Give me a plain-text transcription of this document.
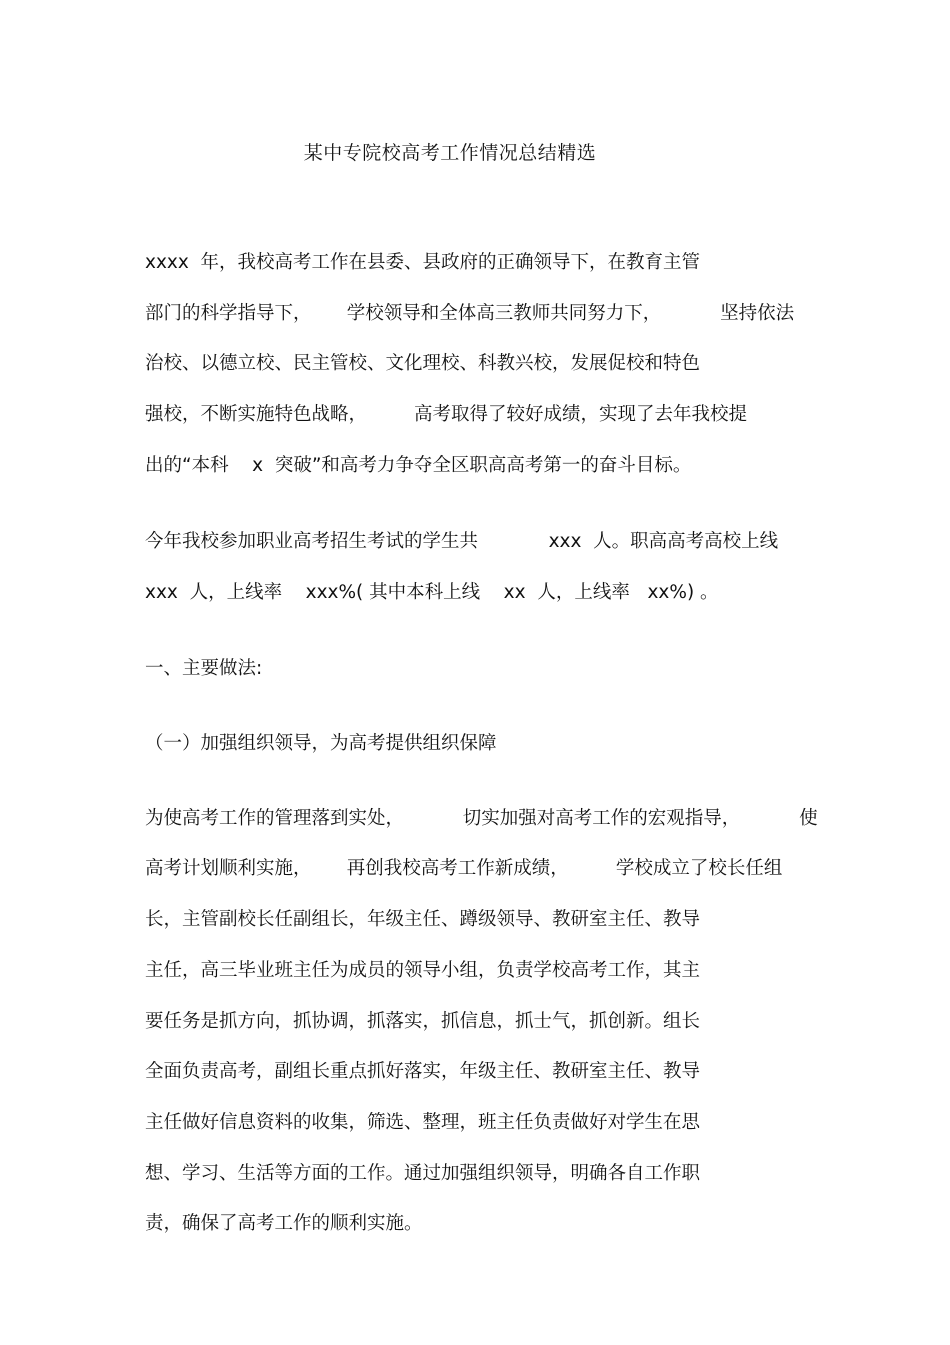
某中专院校高考工作情况总结精选
xxxx  年，我校高考工作在县委、县政府的正确领导下，在教育主管
部门的科学指导下，      学校领导和全体高三教师共同努力下，          坚持依法
治校、以德立校、民主管校、文化理校、科教兴校，发展促校和特色
强校，不断实施特色战略，        高考取得了较好成绩，实现了去年我校提
出的“本科    x  突破”和高考力争夺全区职高高考第一的奋斗目标。
今年我校参加职业高考招生考试的学生共            xxx  人。职高高考高校上线
xxx  人，上线率    xxx%( 其中本科上线    xx  人，上线率   xx%) 。
一、主要做法:
（一）加强组织领导，为高考提供组织保障
为使高考工作的管理落到实处，          切实加强对高考工作的宏观指导，          使
高考计划顺利实施，      再创我校高考工作新成绩，        学校成立了校长任组
长，主管副校长任副组长，年级主任、蹲级领导、教研室主任、教导
主任，高三毕业班主任为成员的领导小组，负责学校高考工作，其主
要任务是抓方向，抓协调，抓落实，抓信息，抓士气，抓创新。组长
全面负责高考，副组长重点抓好落实，年级主任、教研室主任、教导
主任做好信息资料的收集，筛选、整理，班主任负责做好对学生在思
想、学习、生活等方面的工作。通过加强组织领导，明确各自工作职
责，确保了高考工作的顺利实施。
